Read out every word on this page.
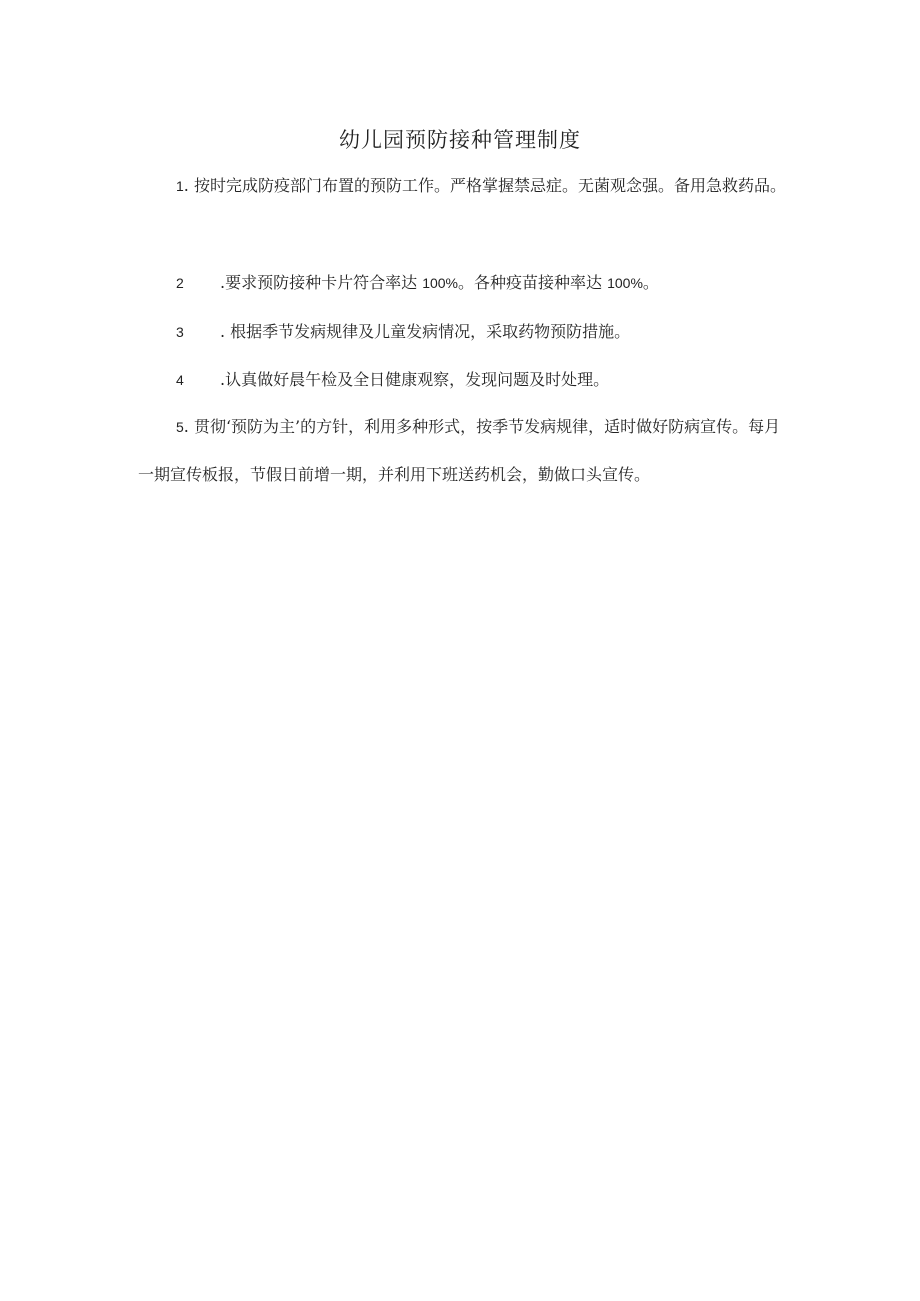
幼儿园预防接种管理制度
1. 按时完成防疫部门布置的预防工作。严格掌握禁忌症。无菌观念强。备用急救药品。
2 .要求预防接种卡片符合率达 100%。各种疫苗接种率达 100%。
3 . 根据季节发病规律及儿童发病情况，采取药物预防措施。
4 .认真做好晨午检及全日健康观察，发现问题及时处理。
5. 贯彻‘预防为主’的方针，利用多种形式，按季节发病规律，适时做好防病宣传。每月一期宣传板报，节假日前增一期，并利用下班送药机会，勤做口头宣传。
